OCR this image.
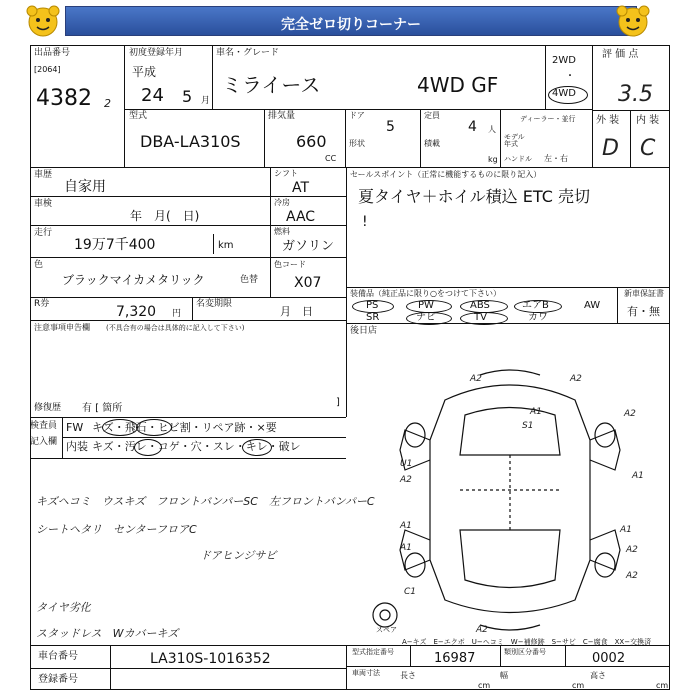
完全ゼロ切りコーナー
出品番号
[2064]
4382 2
初度登録年月
平成
24 5 月
車名・グレード
ミライース	4WD GF
2WD
・
4WD
評 価 点
3.5
外 装 内 装
D C
型式
DBA-LA310S
排気量
660
CC
ドア
5
形状
定員
4 人
積載
kg
ディーラー・並行
モデル年式
ハンドル 左・右
車歴
自家用
車検
年　月(　日)
走行
19万7千400	km
色
ブラックマイカメタリック	色替
R券	7,320 円
名変期限
月　日
シフト
AT
冷房
AAC
燃料
ガソリン
色コード
X07
セールスポイント（正常に機能するものに限り記入）
夏タイヤ＋ホイル積込 ETC 売切
!
装備品（純正品に限り○をつけて下さい）	新車保証書
有・無
PS	PW	ABS	エアB	AW
SR	ナビ	TV	カワ
後日店
注意事項申告欄 (不具合有の場合は具体的に記入して下さい)
修復歴 有 [ 箇所
]
検査員
記入欄
FW キズ・飛石・ヒビ割・リペア跡・×要
内装 キズ・汚レ・コゲ・穴・スレ・キレ・破レ
キズヘコミ　ウスキズ　フロントバンパーSC　左フロントバンパーC
シートヘタリ　センターフロアC
ドアヒンジサビ
タイヤ劣化
スタッドレス　Wカバーキズ
A2	A2
A1
S1
A2
U1
A2	A1
A1	A1
A1	A2
A2
C1
A2
スペア
A−キズ　E−エクボ　U−ヘコミ　W−補修跡　S−サビ　C−腐食　XX−交換済
車台番号	LA310S-1016352
登録番号
型式指定番号	16987	類別区分番号	0002
車両寸法	長さ
cm
幅
cm
高さ
cm
